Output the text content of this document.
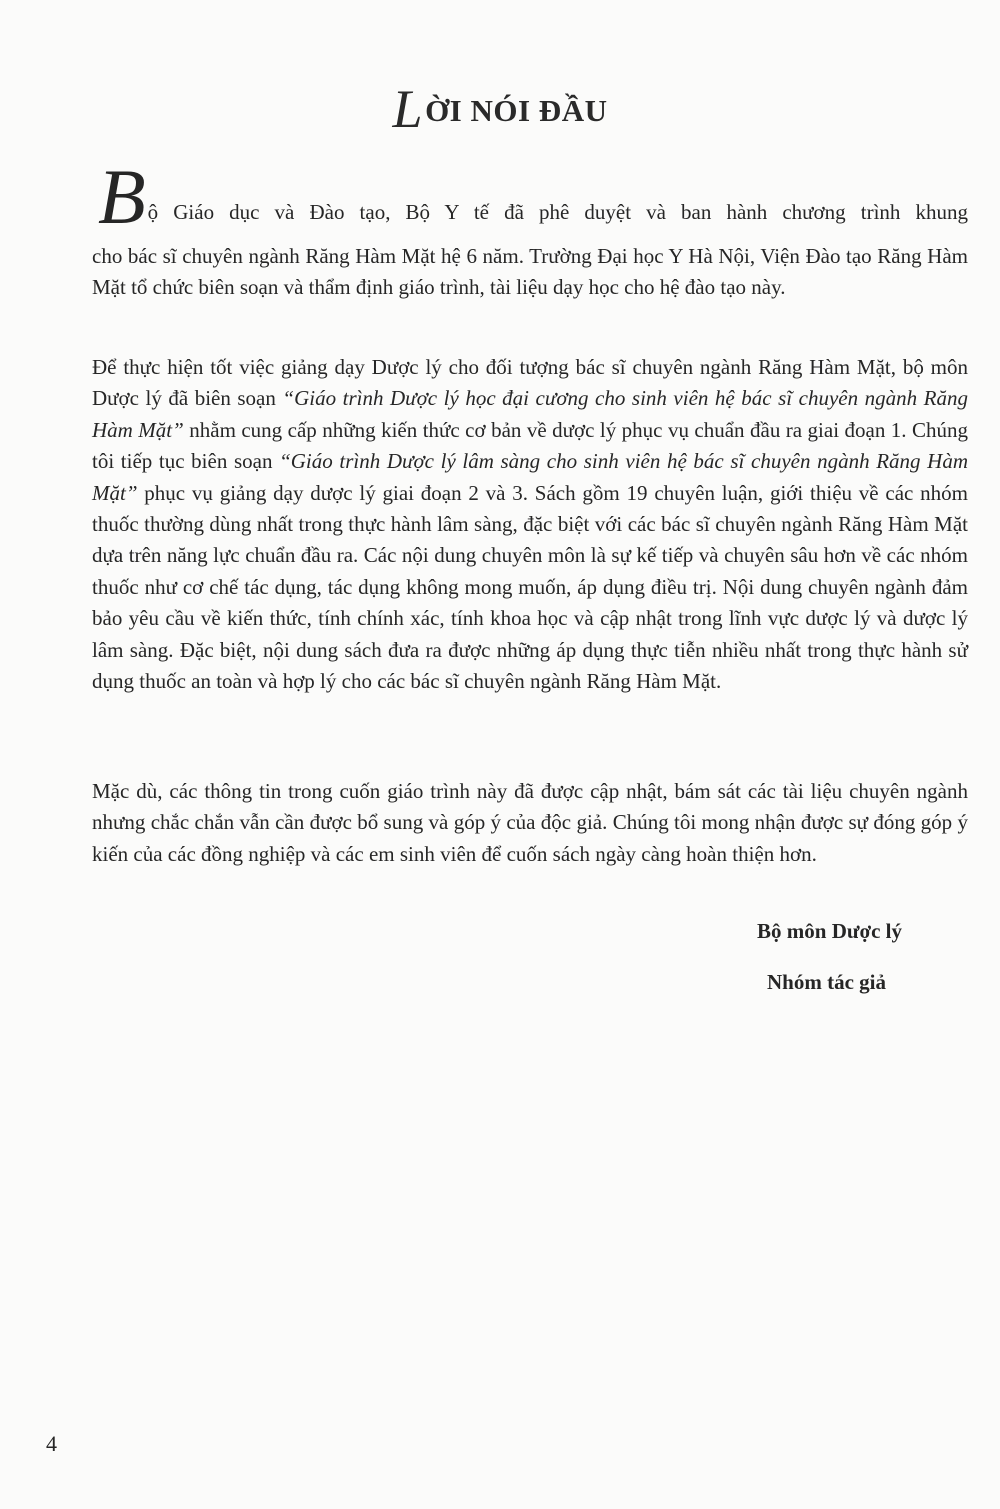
LỜI NÓI ĐẦU
Bộ Giáo dục và Đào tạo, Bộ Y tế đã phê duyệt và ban hành chương trình khung
cho bác sĩ chuyên ngành Răng Hàm Mặt hệ 6 năm. Trường Đại học Y Hà Nội, Viện Đào tạo Răng Hàm Mặt tổ chức biên soạn và thẩm định giáo trình, tài liệu dạy học cho hệ đào tạo này.
Để thực hiện tốt việc giảng dạy Dược lý cho đối tượng bác sĩ chuyên ngành Răng Hàm Mặt, bộ môn Dược lý đã biên soạn “Giáo trình Dược lý học đại cương cho sinh viên hệ bác sĩ chuyên ngành Răng Hàm Mặt” nhằm cung cấp những kiến thức cơ bản về dược lý phục vụ chuẩn đầu ra giai đoạn 1. Chúng tôi tiếp tục biên soạn “Giáo trình Dược lý lâm sàng cho sinh viên hệ bác sĩ chuyên ngành Răng Hàm Mặt” phục vụ giảng dạy dược lý giai đoạn 2 và 3. Sách gồm 19 chuyên luận, giới thiệu về các nhóm thuốc thường dùng nhất trong thực hành lâm sàng, đặc biệt với các bác sĩ chuyên ngành Răng Hàm Mặt dựa trên năng lực chuẩn đầu ra. Các nội dung chuyên môn là sự kế tiếp và chuyên sâu hơn về các nhóm thuốc như cơ chế tác dụng, tác dụng không mong muốn, áp dụng điều trị. Nội dung chuyên ngành đảm bảo yêu cầu về kiến thức, tính chính xác, tính khoa học và cập nhật trong lĩnh vực dược lý và dược lý lâm sàng. Đặc biệt, nội dung sách đưa ra được những áp dụng thực tiễn nhiều nhất trong thực hành sử dụng thuốc an toàn và hợp lý cho các bác sĩ chuyên ngành Răng Hàm Mặt.
Mặc dù, các thông tin trong cuốn giáo trình này đã được cập nhật, bám sát các tài liệu chuyên ngành nhưng chắc chắn vẫn cần được bổ sung và góp ý của độc giả. Chúng tôi mong nhận được sự đóng góp ý kiến của các đồng nghiệp và các em sinh viên để cuốn sách ngày càng hoàn thiện hơn.
Bộ môn Dược lý
Nhóm tác giả
4
